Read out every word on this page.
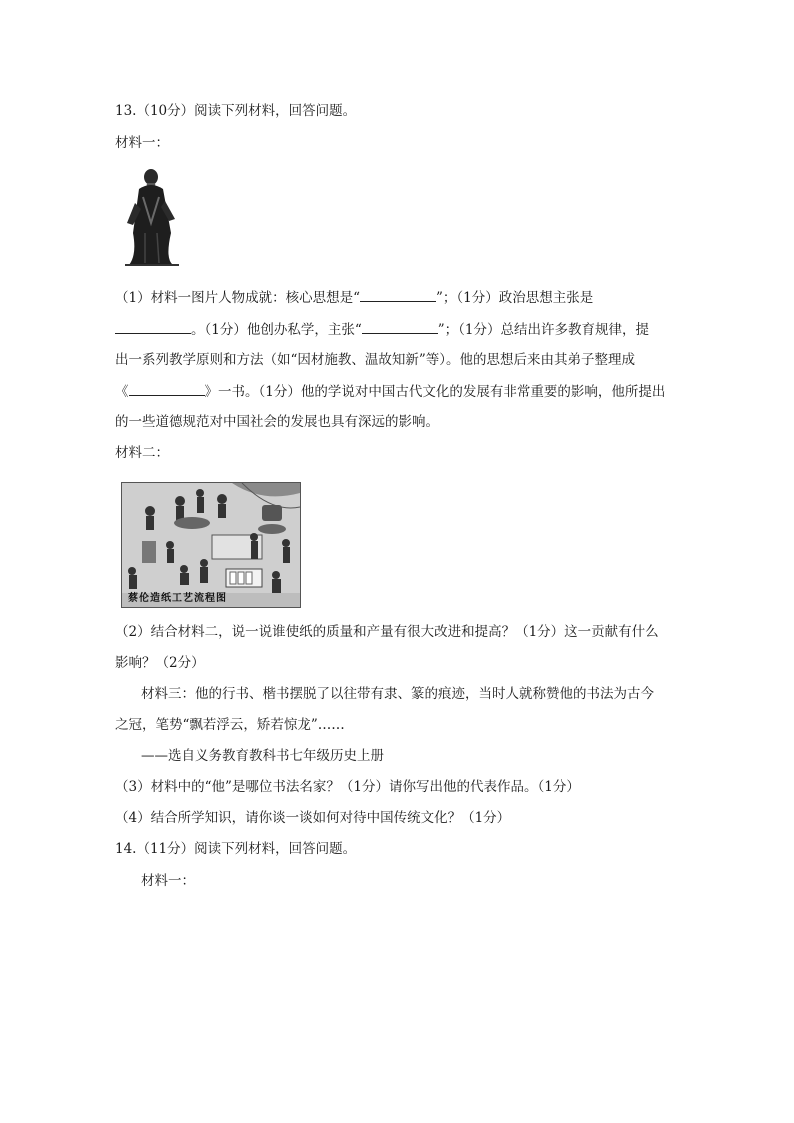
13.（10分）阅读下列材料，回答问题。
材料一：
（1）材料一图片人物成就：核心思想是“	”；（1分）政治思想主张是
。（1分）他创办私学，主张“	”；（1分）总结出许多教育规律，提
出一系列教学原则和方法（如“因材施教、温故知新”等）。他的思想后来由其弟子整理成
《	》一书。（1分）他的学说对中国古代文化的发展有非常重要的影响，他所提出
的一些道德规范对中国社会的发展也具有深远的影响。
材料二：
蔡伦造纸工艺流程图
（2）结合材料二，说一说谁使纸的质量和产量有很大改进和提高？（1分）这一贡献有什么
影响？（2分）
材料三：他的行书、楷书摆脱了以往带有隶、篆的痕迹，当时人就称赞他的书法为古今
之冠，笔势“飘若浮云，矫若惊龙”……
——选自义务教育教科书七年级历史上册
（3）材料中的“他”是哪位书法名家？（1分）请你写出他的代表作品。（1分）
（4）结合所学知识，请你谈一谈如何对待中国传统文化？（1分）
14.（11分）阅读下列材料，回答问题。
材料一：
